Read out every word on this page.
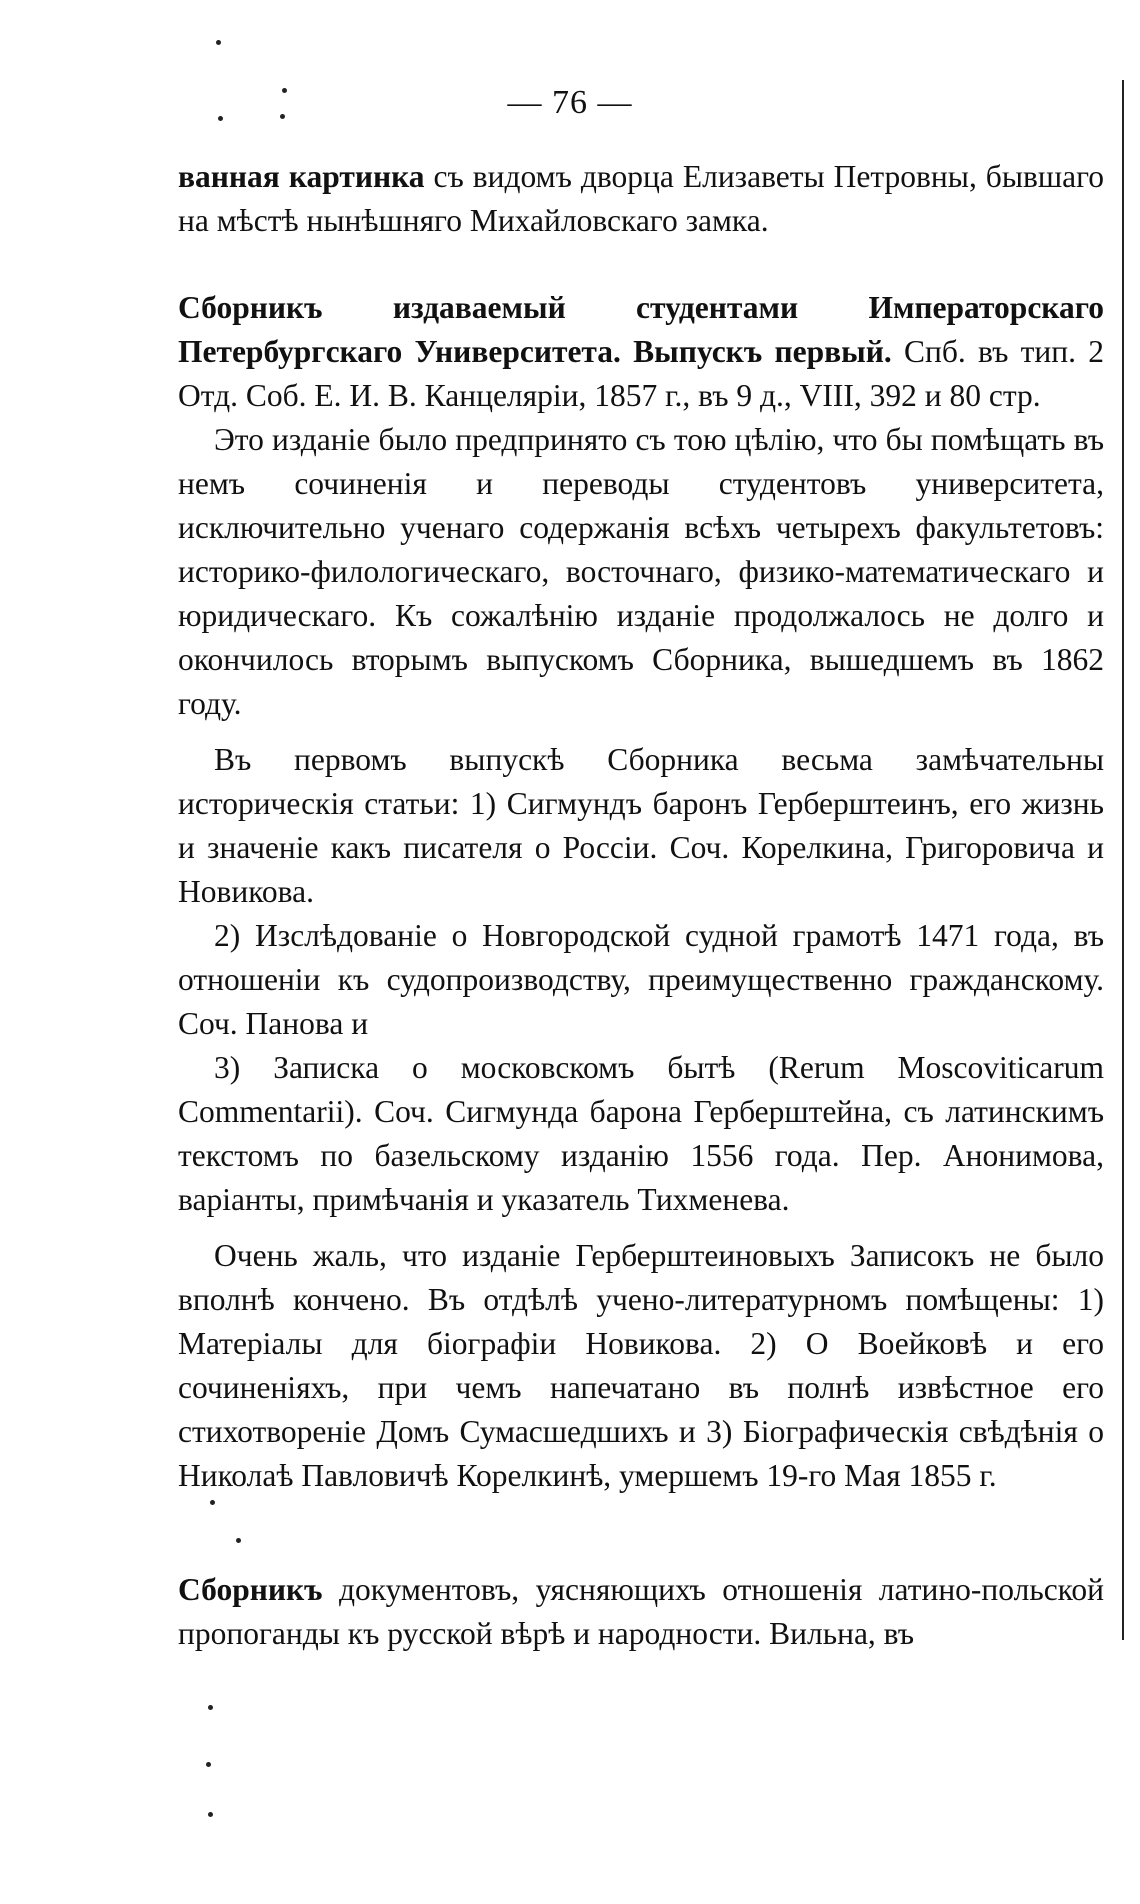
— 76 —

ванная картинка съ видомъ дворца Елизаветы Петровны, бывшаго на мѣстѣ нынѣшняго Михайловскаго замка.

Сборникъ издаваемый студентами Императорскаго Петербургскаго Университета. Выпускъ первый. Спб. въ тип. 2 Отд. Соб. Е. И. В. Канцеляріи, 1857 г., въ 9 д., VIII, 392 и 80 стр.

Это изданіе было предпринято съ тою цѣлію, что бы помѣщать въ немъ сочиненія и переводы студентовъ университета, исключительно ученаго содержанія всѣхъ четырехъ факультетовъ: историко-филологическаго, восточнаго, физико-математическаго и юридическаго. Къ сожалѣнію изданіе продолжалось не долго и окончилось вторымъ выпускомъ Сборника, вышедшемъ въ 1862 году.

Въ первомъ выпускѣ Сборника весьма замѣчательны историческія статьи: 1) Сигмундъ баронъ Герберштеинъ, его жизнь и значеніе какъ писателя о Россіи. Соч. Корелкина, Григоровича и Новикова.

2) Изслѣдованіе о Новгородской судной грамотѣ 1471 года, въ отношеніи къ судопроизводству, преимущественно гражданскому. Соч. Панова и

3) Записка о московскомъ бытѣ (Rerum Moscoviticarum Commentarii). Соч. Сигмунда барона Герберштейна, съ латинскимъ текстомъ по базельскому изданію 1556 года. Пер. Анонимова, варіанты, примѣчанія и указатель Тихменева.

Очень жаль, что изданіе Герберштеиновыхъ Записокъ не было вполнѣ кончено. Въ отдѣлѣ учено-литературномъ помѣщены: 1) Матеріалы для біографіи Новикова. 2) О Воейковѣ и его сочиненіяхъ, при чемъ напечатано въ полнѣ извѣстное его стихотвореніе Домъ Сумасшедшихъ и 3) Біографическія свѣдѣнія о Николаѣ Павловичѣ Корелкинѣ, умершемъ 19-го Мая 1855 г.

Сборникъ документовъ, уясняющихъ отношенія латино-польской пропоганды къ русской вѣрѣ и народности. Вильна, въ
